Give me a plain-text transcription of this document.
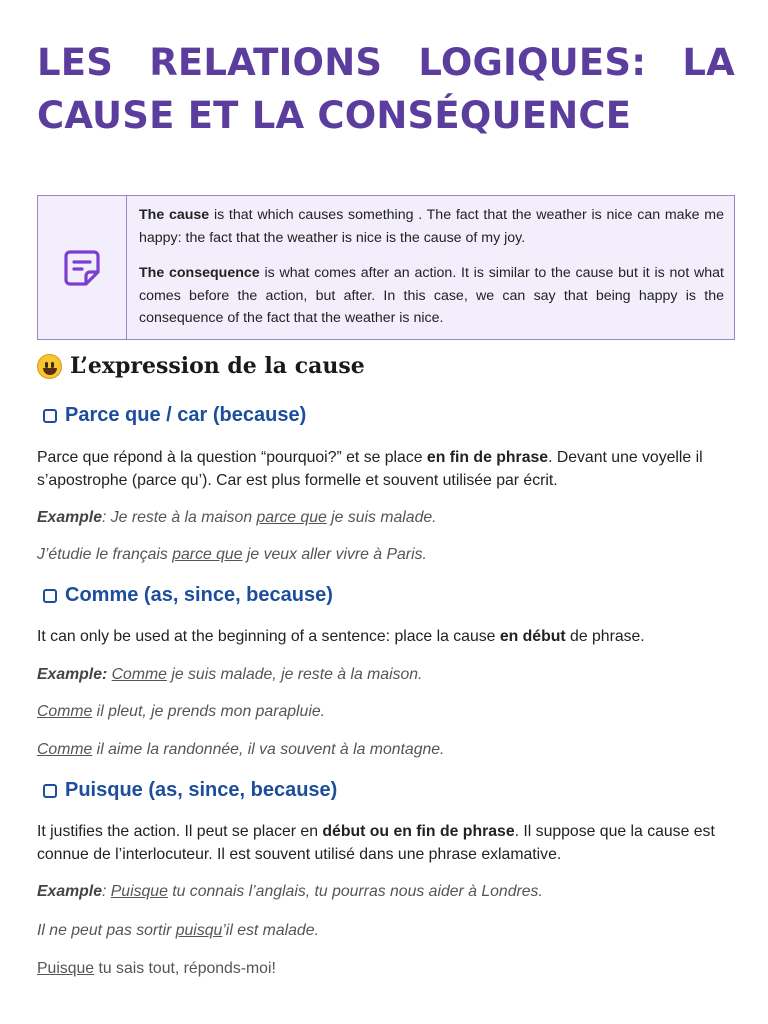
LES RELATIONS LOGIQUES: LA CAUSE ET LA CONSÉQUENCE

The cause is that which causes something . The fact that the weather is nice can make me happy: the fact that the weather is nice is the cause of my joy.

The consequence is what comes after an action. It is similar to the cause but it is not what comes before the action, but after. In this case, we can say that being happy is the consequence of the fact that the weather is nice.

L’expression de la cause
Parce que / car (because)
Parce que répond à la question “pourquoi?” et se place en fin de phrase. Devant une voyelle il s’apostrophe (parce qu’). Car est plus formelle et souvent utilisée par écrit.
Example: Je reste à la maison parce que je suis malade.
J’étudie le français parce que je veux aller vivre à Paris.
Comme (as, since, because)
It can only be used at the beginning of a sentence: place la cause en début de phrase.
Example: Comme je suis malade, je reste à la maison.
Comme il pleut, je prends mon parapluie.
Comme il aime la randonnée, il va souvent à la montagne.
Puisque (as, since, because)
It justifies the action. Il peut se placer en début ou en fin de phrase. Il suppose que la cause est connue de l’interlocuteur. Il est souvent utilisé dans une phrase exlamative.
Example: Puisque tu connais l’anglais, tu pourras nous aider à Londres.
Il ne peut pas sortir puisqu’il est malade.
Puisque tu sais tout, réponds-moi!
